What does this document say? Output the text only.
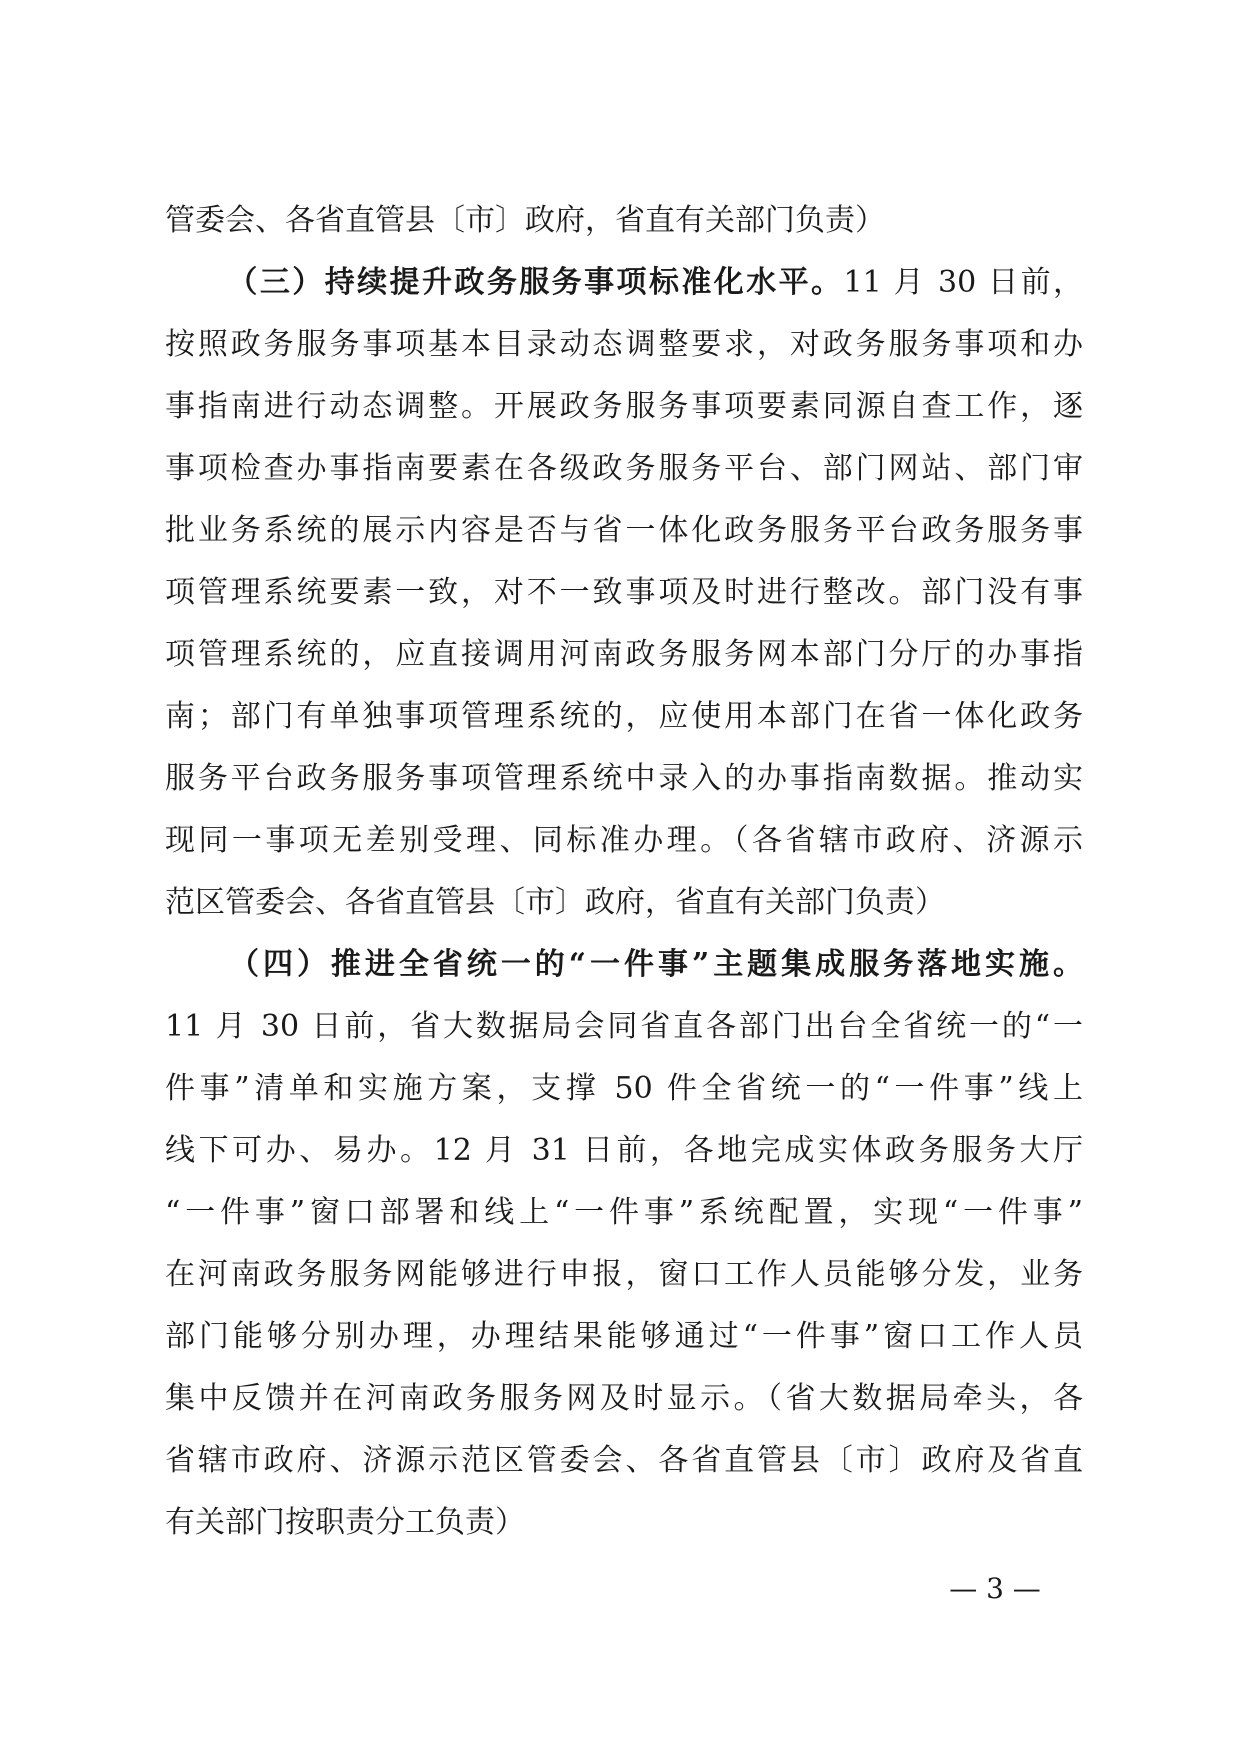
管委会、各省直管县〔市〕政府，省直有关部门负责）
（三）持续提升政务服务事项标准化水平。11 月 30 日前，
按照政务服务事项基本目录动态调整要求，对政务服务事项和办
事指南进行动态调整。开展政务服务事项要素同源自查工作，逐
事项检查办事指南要素在各级政务服务平台、部门网站、部门审
批业务系统的展示内容是否与省一体化政务服务平台政务服务事
项管理系统要素一致，对不一致事项及时进行整改。部门没有事
项管理系统的，应直接调用河南政务服务网本部门分厅的办事指
南；部门有单独事项管理系统的，应使用本部门在省一体化政务
服务平台政务服务事项管理系统中录入的办事指南数据。推动实
现同一事项无差别受理、同标准办理。（各省辖市政府、济源示
范区管委会、各省直管县〔市〕政府，省直有关部门负责）
（四）推进全省统一的“一件事”主题集成服务落地实施。
11 月 30 日前，省大数据局会同省直各部门出台全省统一的“一
件事”清单和实施方案，支撑 50 件全省统一的“一件事”线上
线下可办、易办。12 月 31 日前，各地完成实体政务服务大厅
“一件事”窗口部署和线上“一件事”系统配置，实现“一件事”
在河南政务服务网能够进行申报，窗口工作人员能够分发，业务
部门能够分别办理，办理结果能够通过“一件事”窗口工作人员
集中反馈并在河南政务服务网及时显示。（省大数据局牵头，各
省辖市政府、济源示范区管委会、各省直管县〔市〕政府及省直
有关部门按职责分工负责）
— 3 —
